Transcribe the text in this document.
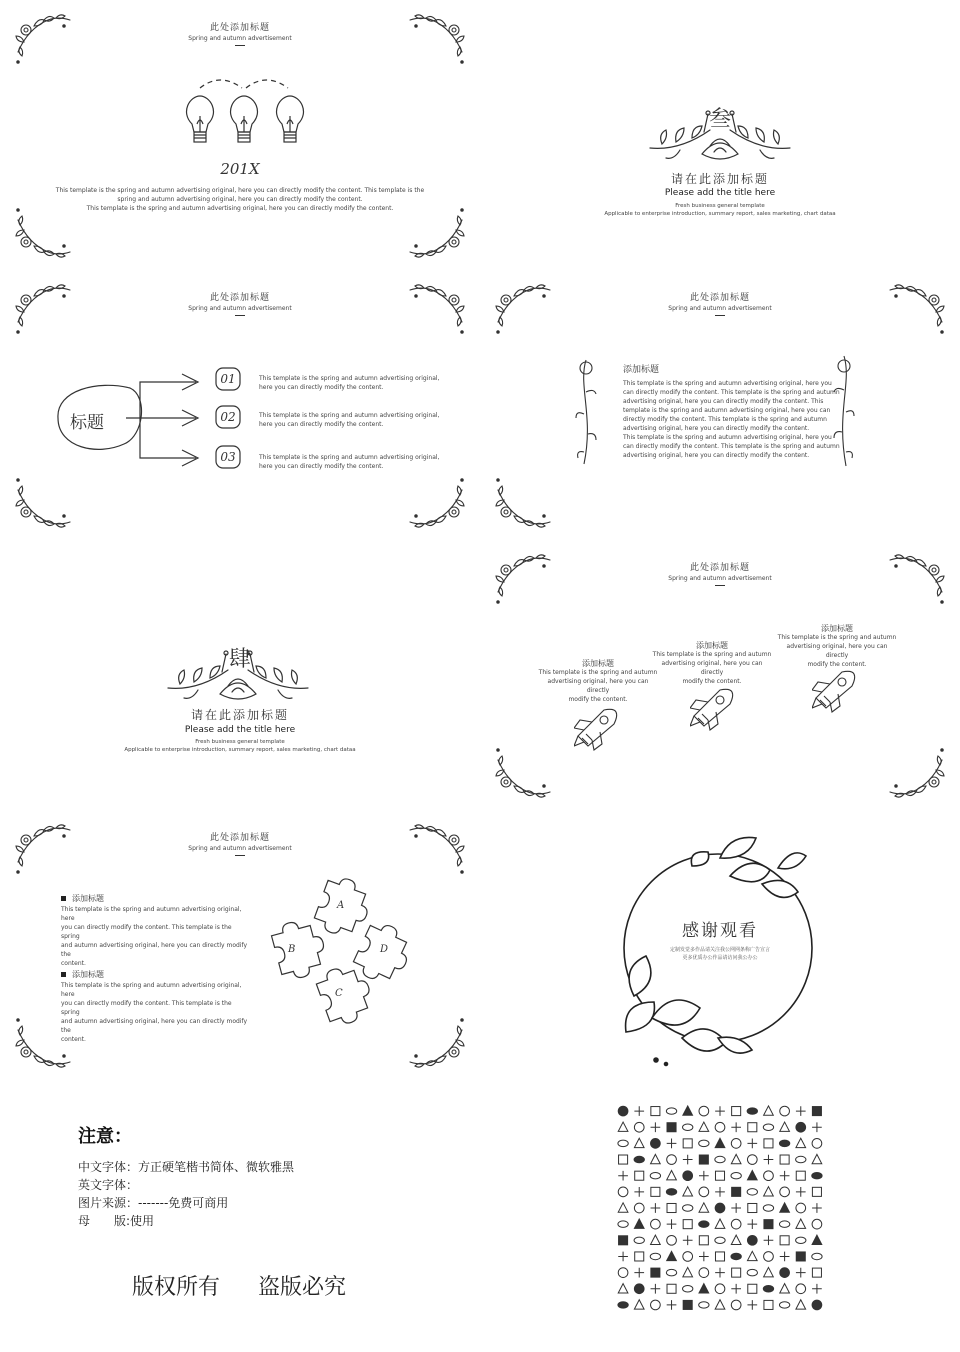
此处添加标题
Spring and autumn advertisement
201X
This template is the spring and autumn advertising original, here you can directly modify the content. This template is the
spring and autumn advertising original, here you can directly modify the content.
This template is the spring and autumn advertising original, here you can directly modify the content.
叁
请在此添加标题
Please add the title here
Fresh business general template
Applicable to enterprise introduction, summary report, sales marketing, chart dataa
此处添加标题
Spring and autumn advertisement
标题
01
02
03
This template is the spring and autumn advertising original,
here you can directly modify the content.
This template is the spring and autumn advertising original,
here you can directly modify the content.
This template is the spring and autumn advertising original,
here you can directly modify the content.
此处添加标题
Spring and autumn advertisement
添加标题
This template is the spring and autumn advertising original, here you
can directly modify the content. This template is the spring and autumn
advertising original, here you can directly modify the content. This
template is the spring and autumn advertising original, here you can
directly modify the content. This template is the spring and autumn
advertising original, here you can directly modify the content.
This template is the spring and autumn advertising original, here you
can directly modify the content. This template is the spring and autumn
advertising original, here you can directly modify the content.
肆
请在此添加标题
Please add the title here
Fresh business general template
Applicable to enterprise introduction, summary report, sales marketing, chart dataa
此处添加标题
Spring and autumn advertisement
添加标题
This template is the spring and autumn
advertising original, here you can directly
modify the content.
添加标题
This template is the spring and autumn
advertising original, here you can directly
modify the content.
添加标题
This template is the spring and autumn
advertising original, here you can directly
modify the content.
此处添加标题
Spring and autumn advertisement
添加标题
This template is the spring and autumn advertising original, here
you can directly modify the content. This template is the spring
and autumn advertising original, here you can directly modify the
content.
添加标题
This template is the spring and autumn advertising original, here
you can directly modify the content. This template is the spring
and autumn advertising original, here you can directly modify the
content.
A
B
C
D
感谢观看
定制发觉多作品请关注我公网网条称广告宣言
更多优质办公作品请访问我公办公
注意：
中文字体：方正硬笔楷书简体、微软雅黑
英文字体：
图片来源：-------免费可商用
母　　版:使用
版权所有 盗版必究
